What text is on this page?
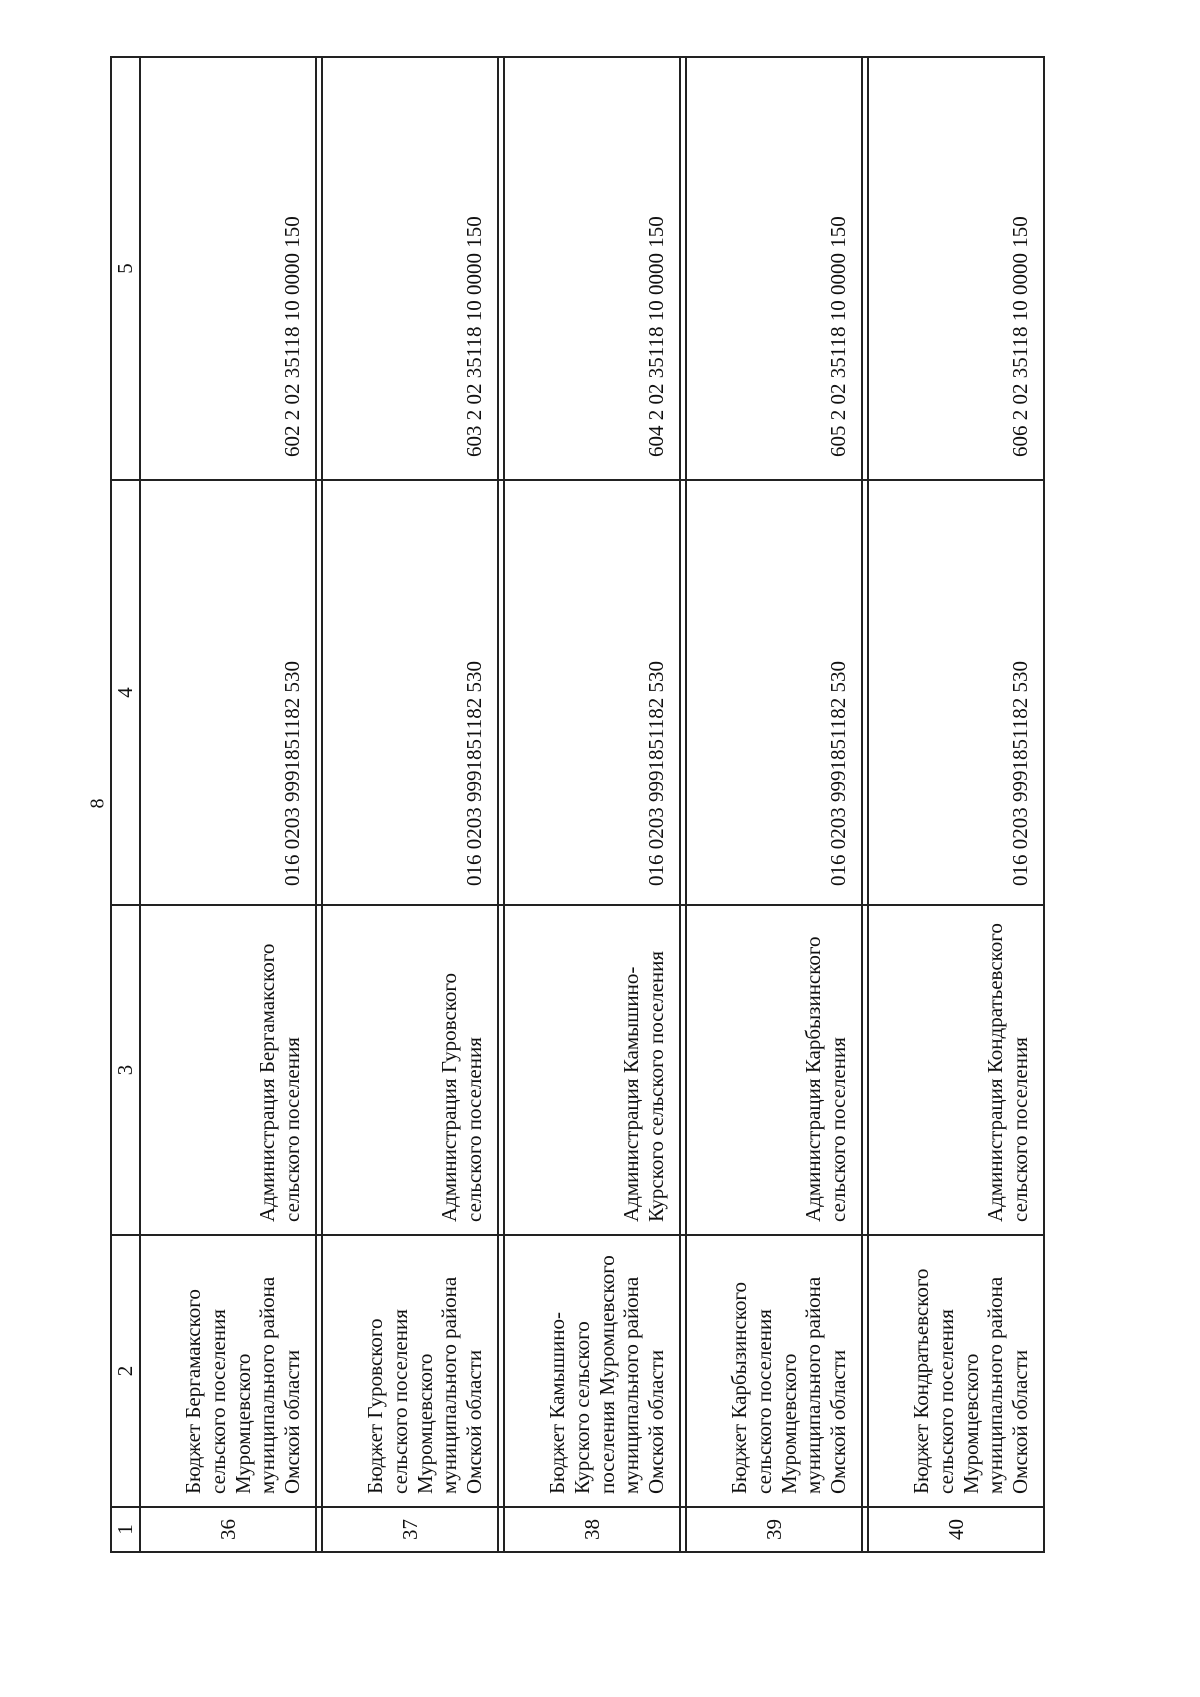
8
1	2	3	4	5
36	Бюджет Бергамакского сельского поселения Муромцевского муниципального района Омской области	Администрация Бергамакского сельского поселения	016 0203 9991851182 530	602 2 02 35118 10 0000 150

37	Бюджет Гуровского сельского поселения Муромцевского муниципального района Омской области	Администрация Гуровского сельского поселения	016 0203 9991851182 530	603 2 02 35118 10 0000 150

38	Бюджет Камышино-Курского сельского поселения Муромцевского муниципального района Омской области	Администрация Камышино-Курского сельского поселения	016 0203 9991851182 530	604 2 02 35118 10 0000 150

39	Бюджет Карбызинского сельского поселения Муромцевского муниципального района Омской области	Администрация Карбызинского сельского поселения	016 0203 9991851182 530	605 2 02 35118 10 0000 150

40	Бюджет Кондратьевского сельского поселения Муромцевского муниципального района Омской области	Администрация Кондратьевского сельского поселения	016 0203 9991851182 530	606 2 02 35118 10 0000 150
